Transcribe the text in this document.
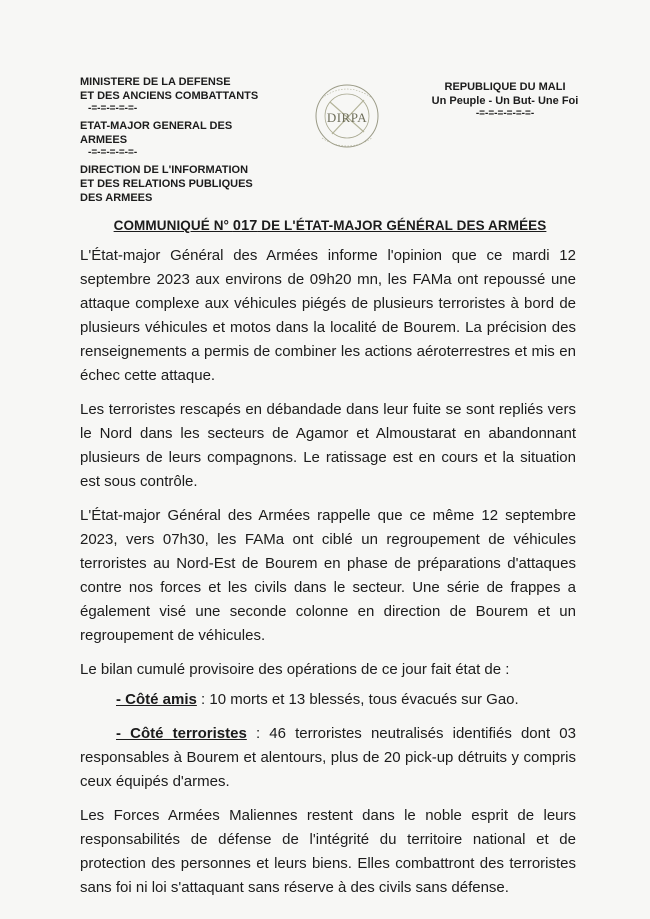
MINISTERE DE LA DEFENSE
ET DES ANCIENS COMBATTANTS
-=-=-=-=-=-
ETAT-MAJOR GENERAL DES ARMEES
-=-=-=-=-=-
DIRECTION DE L'INFORMATION
ET DES RELATIONS PUBLIQUES
DES ARMEES
DIRPA
REPUBLIQUE DU MALI
Un Peuple - Un But- Une Foi
-=-=-=-=-=-=-
COMMUNIQUÉ N° 017 DE L'ÉTAT-MAJOR GÉNÉRAL DES ARMÉES

L'État-major Général des Armées informe l'opinion que ce mardi 12 septembre 2023 aux environs de 09h20 mn, les FAMa ont repoussé une attaque complexe aux véhicules piégés de plusieurs terroristes à bord de plusieurs véhicules et motos dans la localité de Bourem. La précision des renseignements a permis de combiner les actions aéroterrestres et mis en échec cette attaque.

Les terroristes rescapés en débandade dans leur fuite se sont repliés vers le Nord dans les secteurs de Agamor et Almoustarat en abandonnant plusieurs de leurs compagnons. Le ratissage est en cours et la situation est sous contrôle.

L'État-major Général des Armées rappelle que ce même 12 septembre 2023, vers 07h30, les FAMa ont ciblé un regroupement de véhicules terroristes au Nord-Est de Bourem en phase de préparations d'attaques contre nos forces et les civils dans le secteur. Une série de frappes a également visé une seconde colonne en direction de Bourem et un regroupement de véhicules.

Le bilan cumulé provisoire des opérations de ce jour fait état de :

- Côté amis : 10 morts et 13 blessés, tous évacués sur Gao.

- Côté terroristes : 46 terroristes neutralisés identifiés dont 03 responsables à Bourem et alentours, plus de 20 pick-up détruits y compris ceux équipés d'armes.

Les Forces Armées Maliennes restent dans le noble esprit de leurs responsabilités de défense de l'intégrité du territoire national et de protection des personnes et leurs biens. Elles combattront des terroristes sans foi ni loi s'attaquant sans réserve à des civils sans défense.
